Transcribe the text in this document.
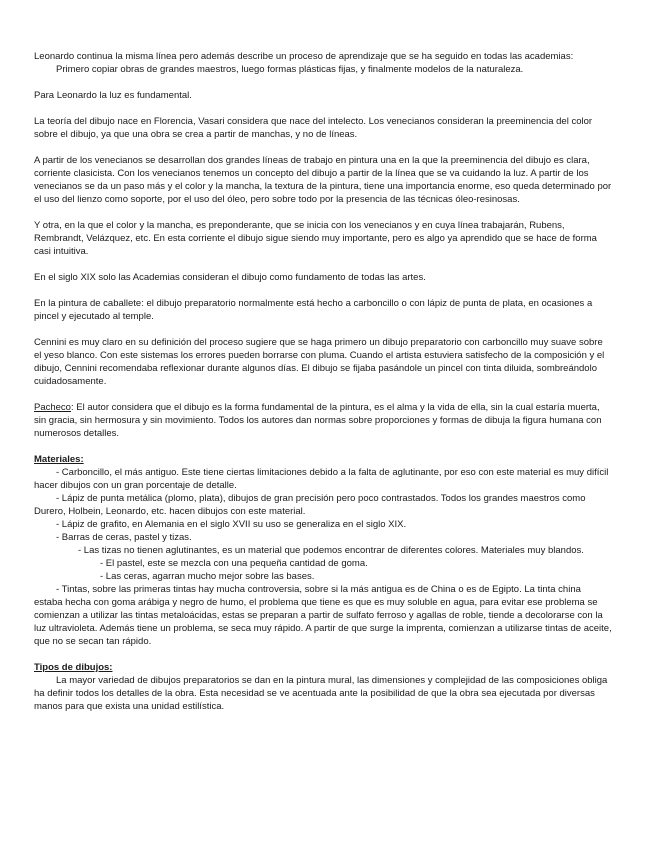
Leonardo continua la misma línea pero además describe un proceso de aprendizaje que se ha seguido en todas las academias:
Primero copiar obras de grandes maestros, luego formas plásticas fijas, y finalmente modelos de la naturaleza.

Para Leonardo la luz es fundamental.

La teoría del dibujo nace en Florencia, Vasari considera que nace del intelecto. Los venecianos consideran la preeminencia del color sobre el dibujo, ya que una obra se crea a partir de manchas, y no de líneas.

A partir de los venecianos se desarrollan dos grandes líneas de trabajo en pintura una en la que la preeminencia del dibujo es clara, corriente clasicista. Con los venecianos tenemos un concepto del dibujo a partir de la línea que se va cuidando la luz. A partir de los venecianos se da un paso más y el color y la mancha, la textura de la pintura, tiene una importancia enorme, eso queda determinado por el uso del lienzo como soporte, por el uso del óleo, pero sobre todo por la presencia de las técnicas óleo-resinosas.

Y otra, en la que el color y la mancha, es preponderante, que se inicia con los venecianos y en cuya línea trabajarán, Rubens, Rembrandt, Velázquez, etc. En esta corriente el dibujo sigue siendo muy importante, pero es algo ya aprendido que se hace de forma casi intuitiva.

En el siglo XIX solo las Academias consideran el dibujo como fundamento de todas las artes.

En la pintura de caballete: el dibujo preparatorio normalmente está hecho a carboncillo o con lápiz de punta de plata, en ocasiones a pincel y ejecutado al temple.

Cennini es muy claro en su definición del proceso sugiere que se haga primero un dibujo preparatorio con carboncillo muy suave sobre el yeso blanco. Con este sistemas los errores pueden borrarse con pluma. Cuando el artista estuviera satisfecho de la composición y el dibujo, Cennini recomendaba reflexionar durante algunos días. El dibujo se fijaba pasándole un pincel con tinta diluida, sombreándolo cuidadosamente.

Pacheco: El autor considera que el dibujo es la forma fundamental de la pintura, es el alma y la vida de ella, sin la cual estaría muerta, sin gracia, sin hermosura y sin movimiento. Todos los autores dan normas sobre proporciones y formas de dibuja la figura humana con numerosos detalles.

Materiales:
- Carboncillo, el más antiguo. Este tiene ciertas limitaciones debido a la falta de aglutinante, por eso con este material es muy difícil hacer dibujos con un gran porcentaje de detalle.
- Lápiz de punta metálica (plomo, plata), dibujos de gran precisión pero poco contrastados. Todos los grandes maestros como Durero, Holbein, Leonardo, etc. hacen dibujos con este material.
- Lápiz de grafito, en Alemania en el siglo XVII su uso se generaliza en el siglo XIX.
- Barras de ceras, pastel y tizas.
- Las tizas no tienen aglutinantes, es un material que podemos encontrar de diferentes colores. Materiales muy blandos.
- El pastel, este se mezcla con una pequeña cantidad de goma.
- Las ceras, agarran mucho mejor sobre las bases.
- Tintas, sobre las primeras tintas hay mucha controversia, sobre si la más antigua es de China o es de Egipto. La tinta china estaba hecha con goma arábiga y negro de humo, el problema que tiene es que es muy soluble en agua, para evitar ese problema se comienzan a utilizar las tintas metaloácidas, estas se preparan a partir de sulfato ferroso y agallas de roble, tiende a decolorarse con la luz ultravioleta. Además tiene un problema, se seca muy rápido. A partir de que surge la imprenta, comienzan a utilizarse tintas de aceite, que no se secan tan rápido.
Tipos de dibujos:
La mayor variedad de dibujos preparatorios se dan en la pintura mural, las dimensiones y complejidad de las composiciones obliga ha definir todos los detalles de la obra. Esta necesidad se ve acentuada ante la posibilidad de que la obra sea ejecutada por diversas manos para que exista una unidad estilística.
